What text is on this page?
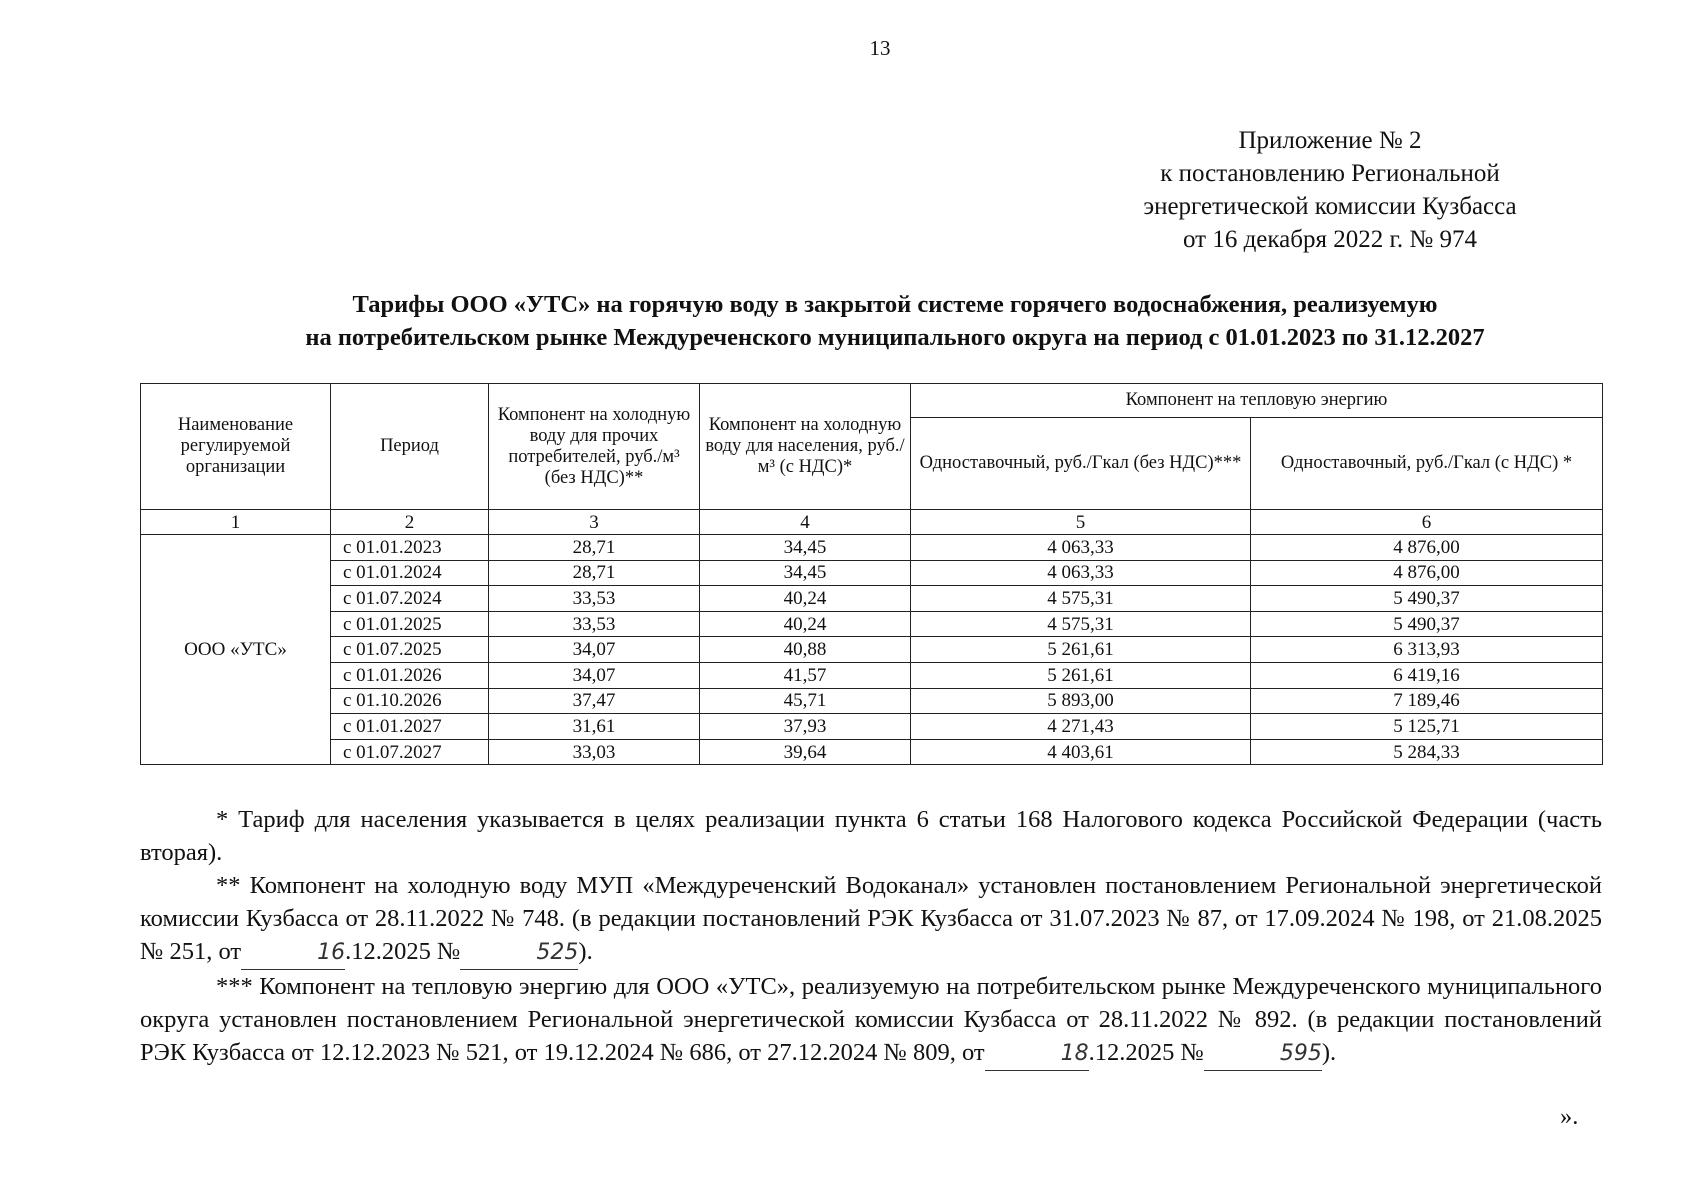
13
Приложение № 2
к постановлению Региональной
энергетической комиссии Кузбасса
от 16 декабря 2022 г. № 974
Тарифы ООО «УТС» на горячую воду в закрытой системе горячего водоснабжения, реализуемую
на потребительском рынке Междуреченского муниципального округа на период с 01.01.2023 по 31.12.2027
Наименование регулируемой организации	Период	Компонент на холодную воду для прочих потребителей, руб./м³ (без НДС)**	Компонент на холодную воду для населения, руб./м³ (с НДС)*	Компонент на тепловую энергию	
				Одноставочный, руб./Гкал (без НДС)***	Одноставочный, руб./Гкал (с НДС) *
1	2	3	4	5	6
ООО «УТС»	с 01.01.2023	28,71	34,45	4 063,33	4 876,00
	с 01.01.2024	28,71	34,45	4 063,33	4 876,00
	с 01.07.2024	33,53	40,24	4 575,31	5 490,37
	с 01.01.2025	33,53	40,24	4 575,31	5 490,37
	с 01.07.2025	34,07	40,88	5 261,61	6 313,93
	с 01.01.2026	34,07	41,57	5 261,61	6 419,16
	с 01.10.2026	37,47	45,71	5 893,00	7 189,46
	с 01.01.2027	31,61	37,93	4 271,43	5 125,71
	с 01.07.2027	33,03	39,64	4 403,61	5 284,33

* Тариф для населения указывается в целях реализации пункта 6 статьи 168 Налогового кодекса Российской Федерации (часть вторая).

** Компонент на холодную воду МУП «Междуреченский Водоканал» установлен постановлением Региональной энергетической комиссии Кузбасса от 28.11.2022 № 748. (в редакции постановлений РЭК Кузбасса от 31.07.2023 № 87, от 17.09.2024 № 198, от 21.08.2025 № 251, от	16.12.2025 №	525).

*** Компонент на тепловую энергию для ООО «УТС», реализуемую на потребительском рынке Междуреченского муниципального округа установлен постановлением Региональной энергетической комиссии Кузбасса от 28.11.2022 № 892. (в редакции постановлений РЭК Кузбасса от 12.12.2023 № 521, от 19.12.2024 № 686, от 27.12.2024 № 809, от	18.12.2025 №	595).

».
